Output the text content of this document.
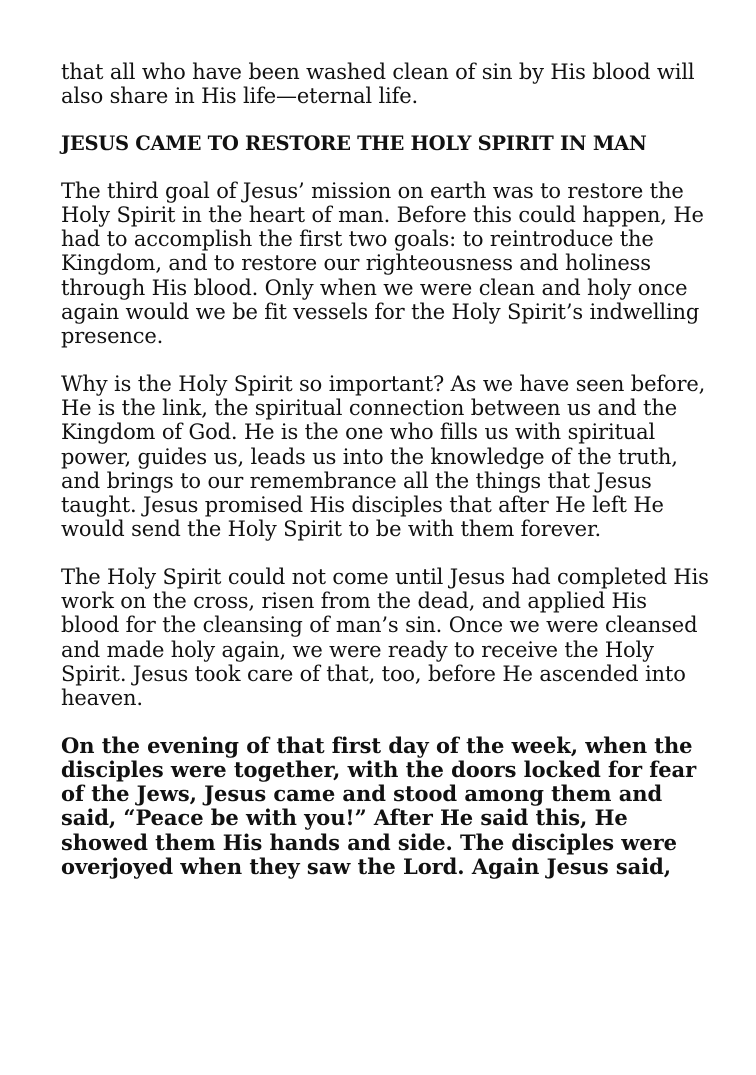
that all who have been washed clean of sin by His blood will also share in His life—eternal life.

JESUS CAME TO RESTORE THE HOLY SPIRIT IN MAN

The third goal of Jesus’ mission on earth was to restore the Holy Spirit in the heart of man. Before this could happen, He had to accomplish the first two goals: to reintroduce the Kingdom, and to restore our righteousness and holiness through His blood. Only when we were clean and holy once again would we be fit vessels for the Holy Spirit’s indwelling presence.

Why is the Holy Spirit so important? As we have seen before, He is the link, the spiritual connection between us and the Kingdom of God. He is the one who fills us with spiritual power, guides us, leads us into the knowledge of the truth, and brings to our remembrance all the things that Jesus taught. Jesus promised His disciples that after He left He would send the Holy Spirit to be with them forever.

The Holy Spirit could not come until Jesus had completed His work on the cross, risen from the dead, and applied His blood for the cleansing of man’s sin. Once we were cleansed and made holy again, we were ready to receive the Holy Spirit. Jesus took care of that, too, before He ascended into heaven.

On the evening of that first day of the week, when the disciples were together, with the doors locked for fear of the Jews, Jesus came and stood among them and said, “Peace be with you!” After He said this, He showed them His hands and side. The disciples were overjoyed when they saw the Lord. Again Jesus said,
